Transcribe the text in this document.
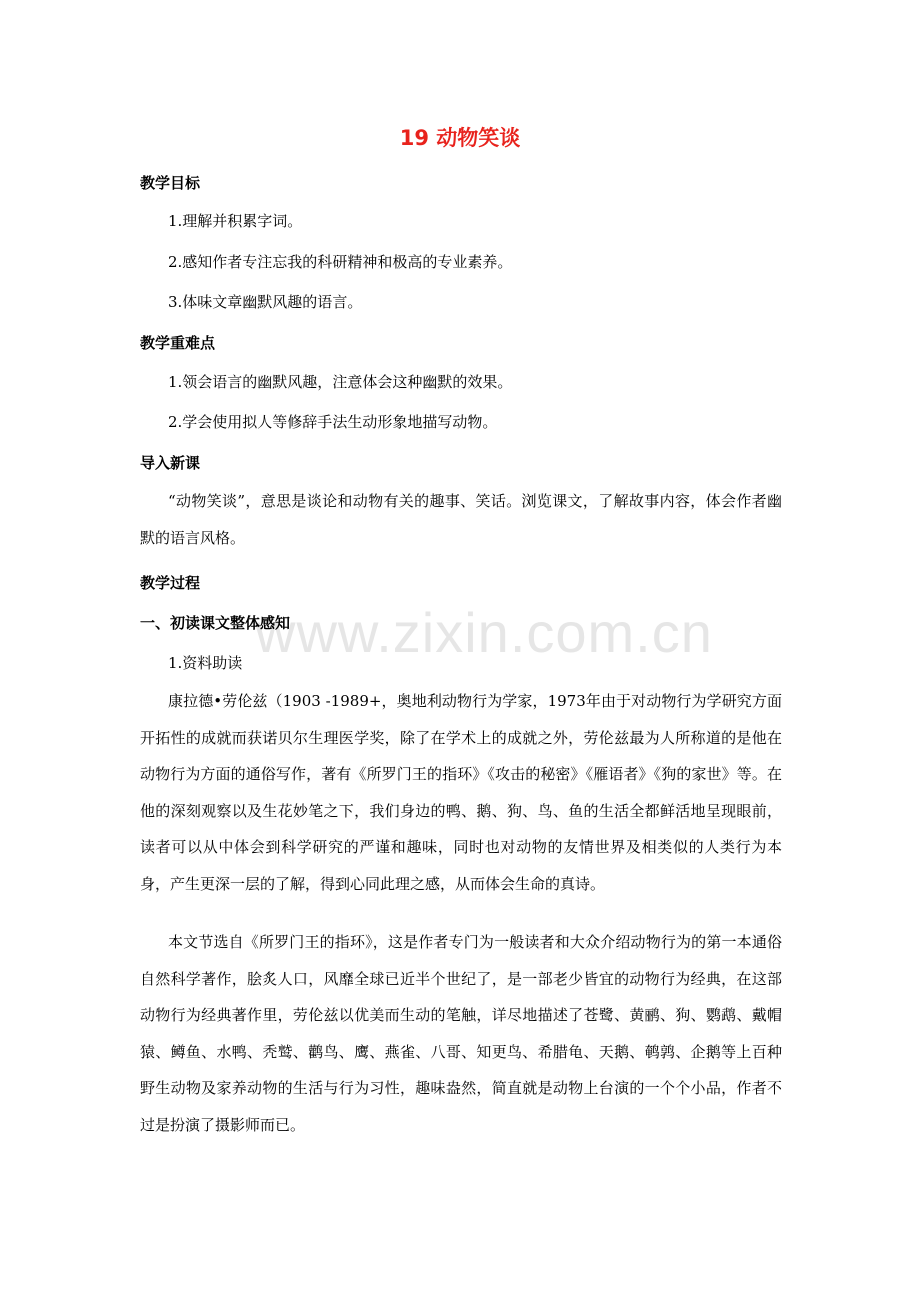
www.zixin.com.cn
19 动物笑谈
教学目标
1.理解并积累字词。
2.感知作者专注忘我的科研精神和极高的专业素养。
3.体味文章幽默风趣的语言。
教学重难点
1.领会语言的幽默风趣，注意体会这种幽默的效果。
2.学会使用拟人等修辞手法生动形象地描写动物。
导入新课
“动物笑谈”，意思是谈论和动物有关的趣事、笑话。浏览课文，了解故事内容，体会作者幽默的语言风格。
教学过程
一、初读课文整体感知
1.资料助读
康拉德•劳伦兹（1903 -1989+，奥地利动物行为学家，1973年由于对动物行为学研究方面开拓性的成就而获诺贝尔生理医学奖，除了在学术上的成就之外，劳伦兹最为人所称道的是他在动物行为方面的通俗写作，著有《所罗门王的指环》《攻击的秘密》《雁语者》《狗的家世》等。在他的深刻观察以及生花妙笔之下，我们身边的鸭、鹅、狗、鸟、鱼的生活全都鲜活地呈现眼前，读者可以从中体会到科学研究的严谨和趣味，同时也对动物的友情世界及相类似的人类行为本身，产生更深一层的了解，得到心同此理之感，从而体会生命的真诗。
本文节选自《所罗门王的指环》，这是作者专门为一般读者和大众介绍动物行为的第一本通俗自然科学著作，脍炙人口，风靡全球已近半个世纪了，是一部老少皆宜的动物行为经典，在这部动物行为经典著作里，劳伦兹以优美而生动的笔触，详尽地描述了苍鹭、黄鹂、狗、鹦鹉、戴帽猿、鳟鱼、水鸭、秃鹫、鹳鸟、鹰、燕雀、八哥、知更鸟、希腊龟、天鹅、鹌鹑、企鹅等上百种野生动物及家养动物的生活与行为习性，趣味盎然，简直就是动物上台演的一个个小品，作者不过是扮演了摄影师而已。
